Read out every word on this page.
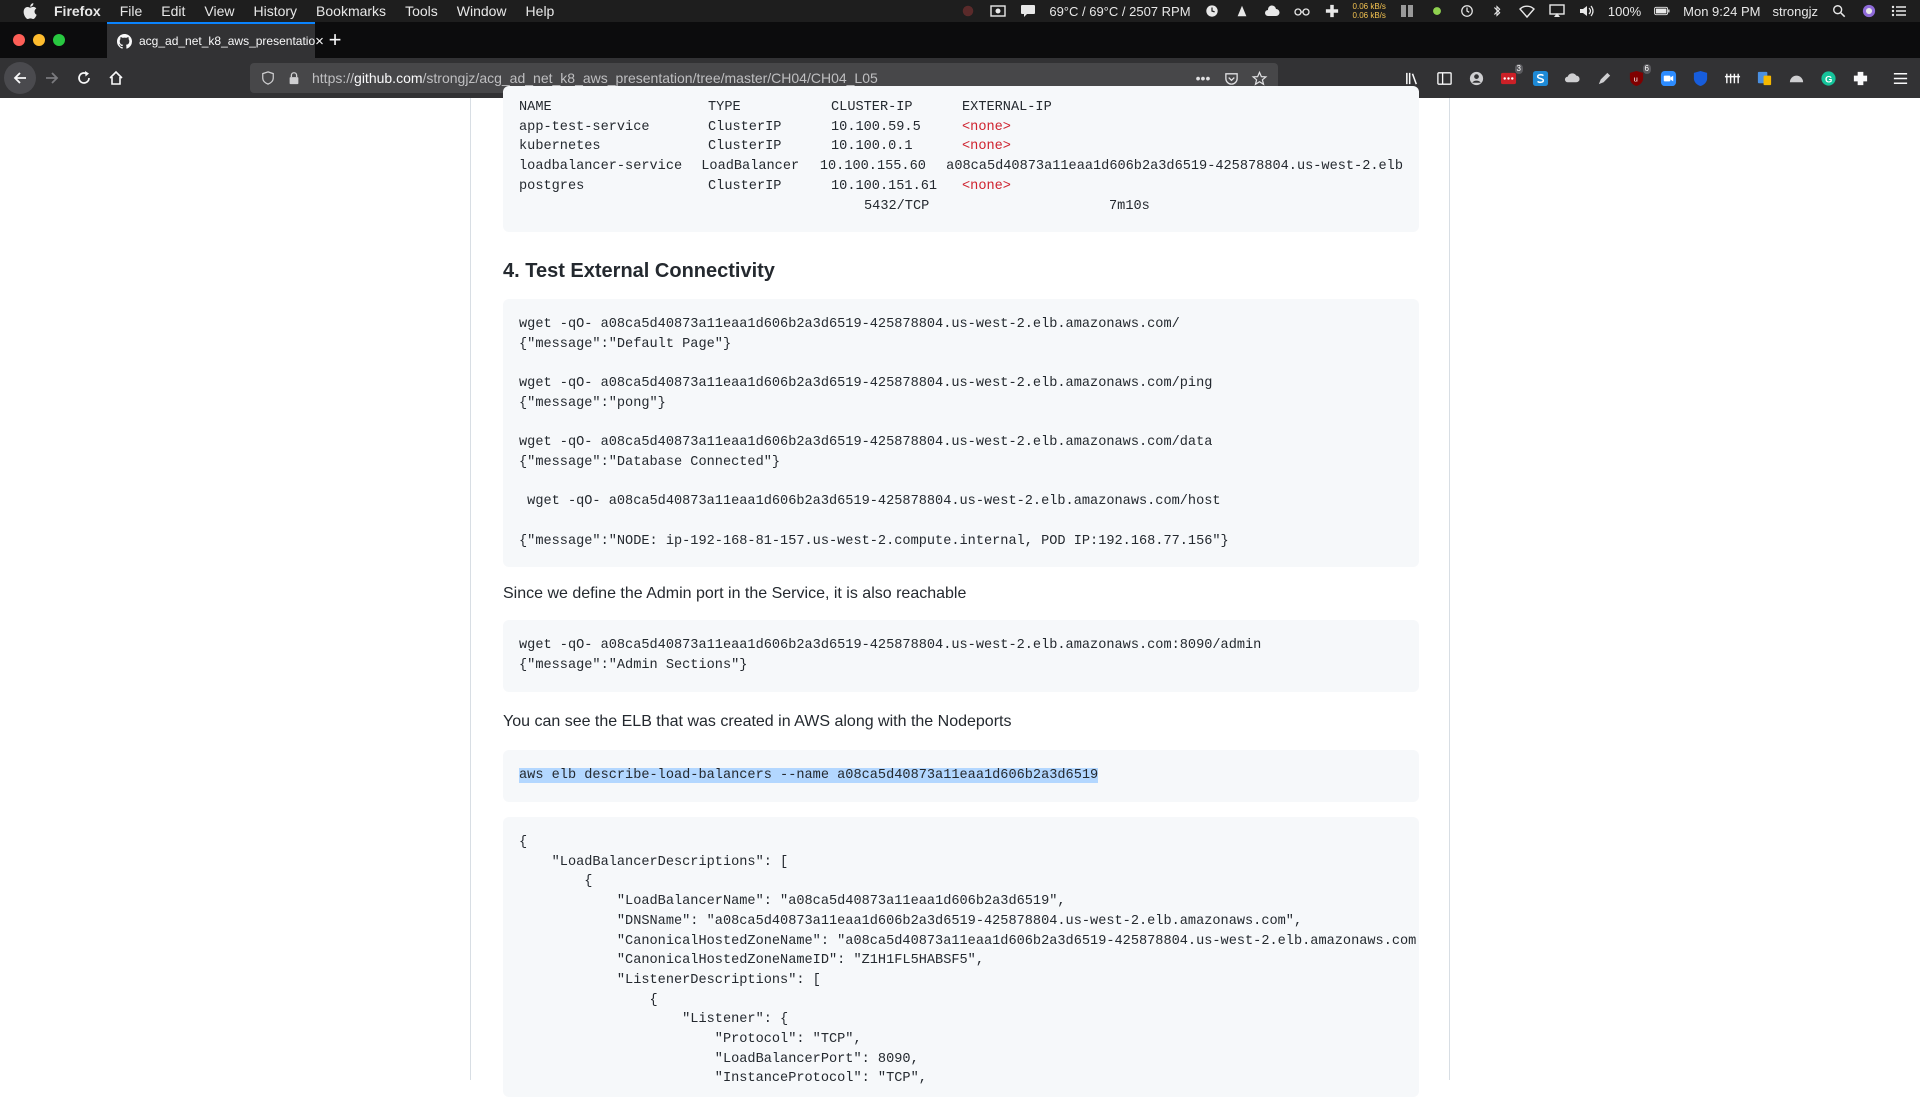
Firefox File Edit View History Bookmarks Tools Window Help	69°C / 69°C / 2507 RPM	0.06 kB/s
0.06 kB/s	100%	Mon 9:24 PM strongjz
acg_ad_net_k8_aws_presentatio × +
https://github.com/strongjz/acg_ad_net_k8_aws_presentation/tree/master/CH04/CH04_L05	•••
3
u
6
G
NAME	TYPE	CLUSTER-IP	EXTERNAL-IP
app-test-service	ClusterIP	10.100.59.5	<none>
kubernetes	ClusterIP	10.100.0.1	<none>
loadbalancer-service	LoadBalancer	10.100.155.60	a08ca5d40873a11eaa1d606b2a3d6519-425878804.us-west-2.elb
postgres	ClusterIP	10.100.151.61	<none>
5432/TCP	7m10s
4. Test External Connectivity
wget -qO- a08ca5d40873a11eaa1d606b2a3d6519-425878804.us-west-2.elb.amazonaws.com/
{"message":"Default Page"}
wget -qO- a08ca5d40873a11eaa1d606b2a3d6519-425878804.us-west-2.elb.amazonaws.com/ping
{"message":"pong"}
wget -qO- a08ca5d40873a11eaa1d606b2a3d6519-425878804.us-west-2.elb.amazonaws.com/data
{"message":"Database Connected"}
wget -qO- a08ca5d40873a11eaa1d606b2a3d6519-425878804.us-west-2.elb.amazonaws.com/host
{"message":"NODE: ip-192-168-81-157.us-west-2.compute.internal, POD IP:192.168.77.156"}

Since we define the Admin port in the Service, it is also reachable

wget -qO- a08ca5d40873a11eaa1d606b2a3d6519-425878804.us-west-2.elb.amazonaws.com:8090/admin
{"message":"Admin Sections"}

You can see the ELB that was created in AWS along with the Nodeports

aws elb describe-load-balancers --name a08ca5d40873a11eaa1d606b2a3d6519
{
"LoadBalancerDescriptions": [
{
"LoadBalancerName": "a08ca5d40873a11eaa1d606b2a3d6519",
"DNSName": "a08ca5d40873a11eaa1d606b2a3d6519-425878804.us-west-2.elb.amazonaws.com",
"CanonicalHostedZoneName": "a08ca5d40873a11eaa1d606b2a3d6519-425878804.us-west-2.elb.amazonaws.com
"CanonicalHostedZoneNameID": "Z1H1FL5HABSF5",
"ListenerDescriptions": [
{
"Listener": {
"Protocol": "TCP",
"LoadBalancerPort": 8090,
"InstanceProtocol": "TCP",
